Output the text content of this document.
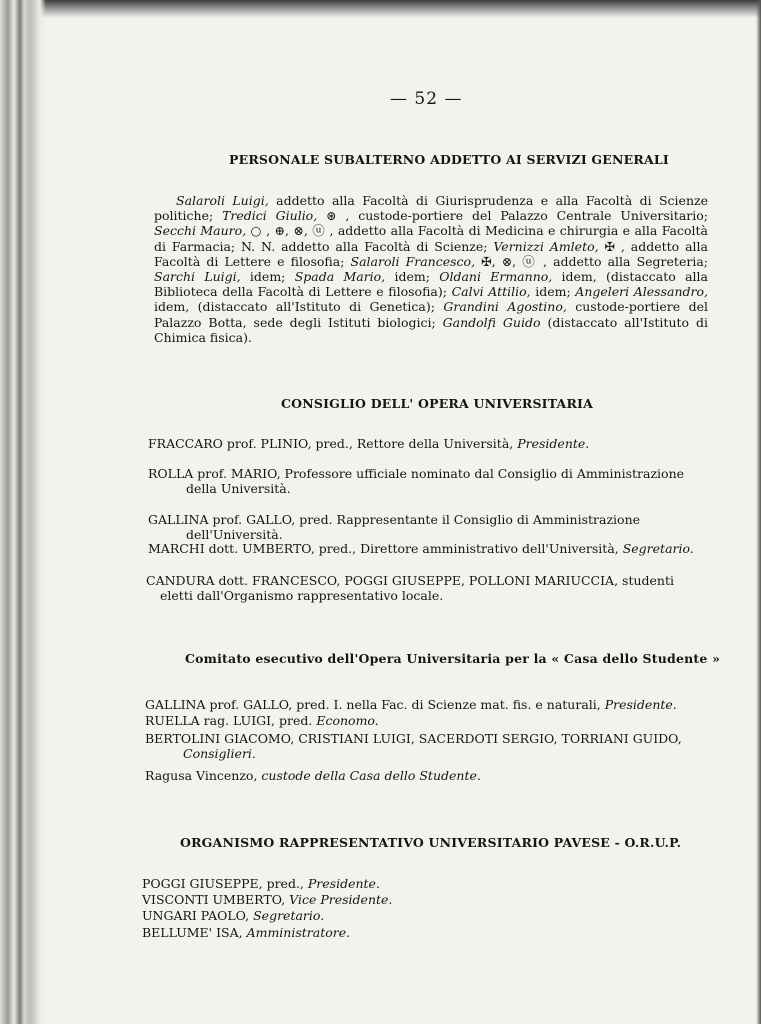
— 52 —
PERSONALE SUBALTERNO ADDETTO AI SERVIZI GENERALI
Salaroli Luigi, addetto alla Facoltà di Giurisprudenza e alla Facoltà di Scienze politiche; Tredici Giulio, ⊛ , custode-portiere del Palazzo Centrale Universitario; Secchi Mauro, ○ , ⊕, ⊗, ⓤ , addetto alla Facoltà di Medicina e chirurgia e alla Facoltà di Farmacia; N. N. addetto alla Facoltà di Scienze; Vernizzi Amleto, ✠ , addetto alla Facoltà di Lettere e filosofia; Salaroli Francesco, ✠, ⊗, ⓤ , addetto alla Segreteria; Sarchi Luigi, idem; Spada Mario, idem; Oldani Ermanno, idem, (distaccato alla Biblioteca della Facoltà di Lettere e filosofia); Calvi Attilio, idem; Angeleri Alessandro, idem, (distaccato all'Istituto di Genetica); Grandini Agostino, custode-portiere del Palazzo Botta, sede degli Istituti biologici; Gandolfi Guido (distaccato all'Istituto di Chimica fisica).
CONSIGLIO DELL' OPERA UNIVERSITARIA
FRACCARO prof. PLINIO, pred., Rettore della Università, Presidente.
ROLLA prof. MARIO, Professore ufficiale nominato dal Consiglio di Amministrazione della Università.
GALLINA prof. GALLO, pred. Rappresentante il Consiglio di Amministrazione dell'Università.
MARCHI dott. UMBERTO, pred., Direttore amministrativo dell'Università, Segretario.
CANDURA dott. FRANCESCO, POGGI GIUSEPPE, POLLONI MARIUCCIA, studenti eletti dall'Organismo rappresentativo locale.
Comitato esecutivo dell'Opera Universitaria per la « Casa dello Studente »
GALLINA prof. GALLO, pred. I. nella Fac. di Scienze mat. fis. e naturali, Presidente.
RUELLA rag. LUIGI, pred. Economo.
BERTOLINI GIACOMO, CRISTIANI LUIGI, SACERDOTI SERGIO, TORRIANI GUIDO, Consiglieri.
Ragusa Vincenzo, custode della Casa dello Studente.
ORGANISMO RAPPRESENTATIVO UNIVERSITARIO PAVESE - O.R.U.P.
POGGI GIUSEPPE, pred., Presidente.
VISCONTI UMBERTO, Vice Presidente.
UNGARI PAOLO, Segretario.
BELLUME' ISA, Amministratore.
